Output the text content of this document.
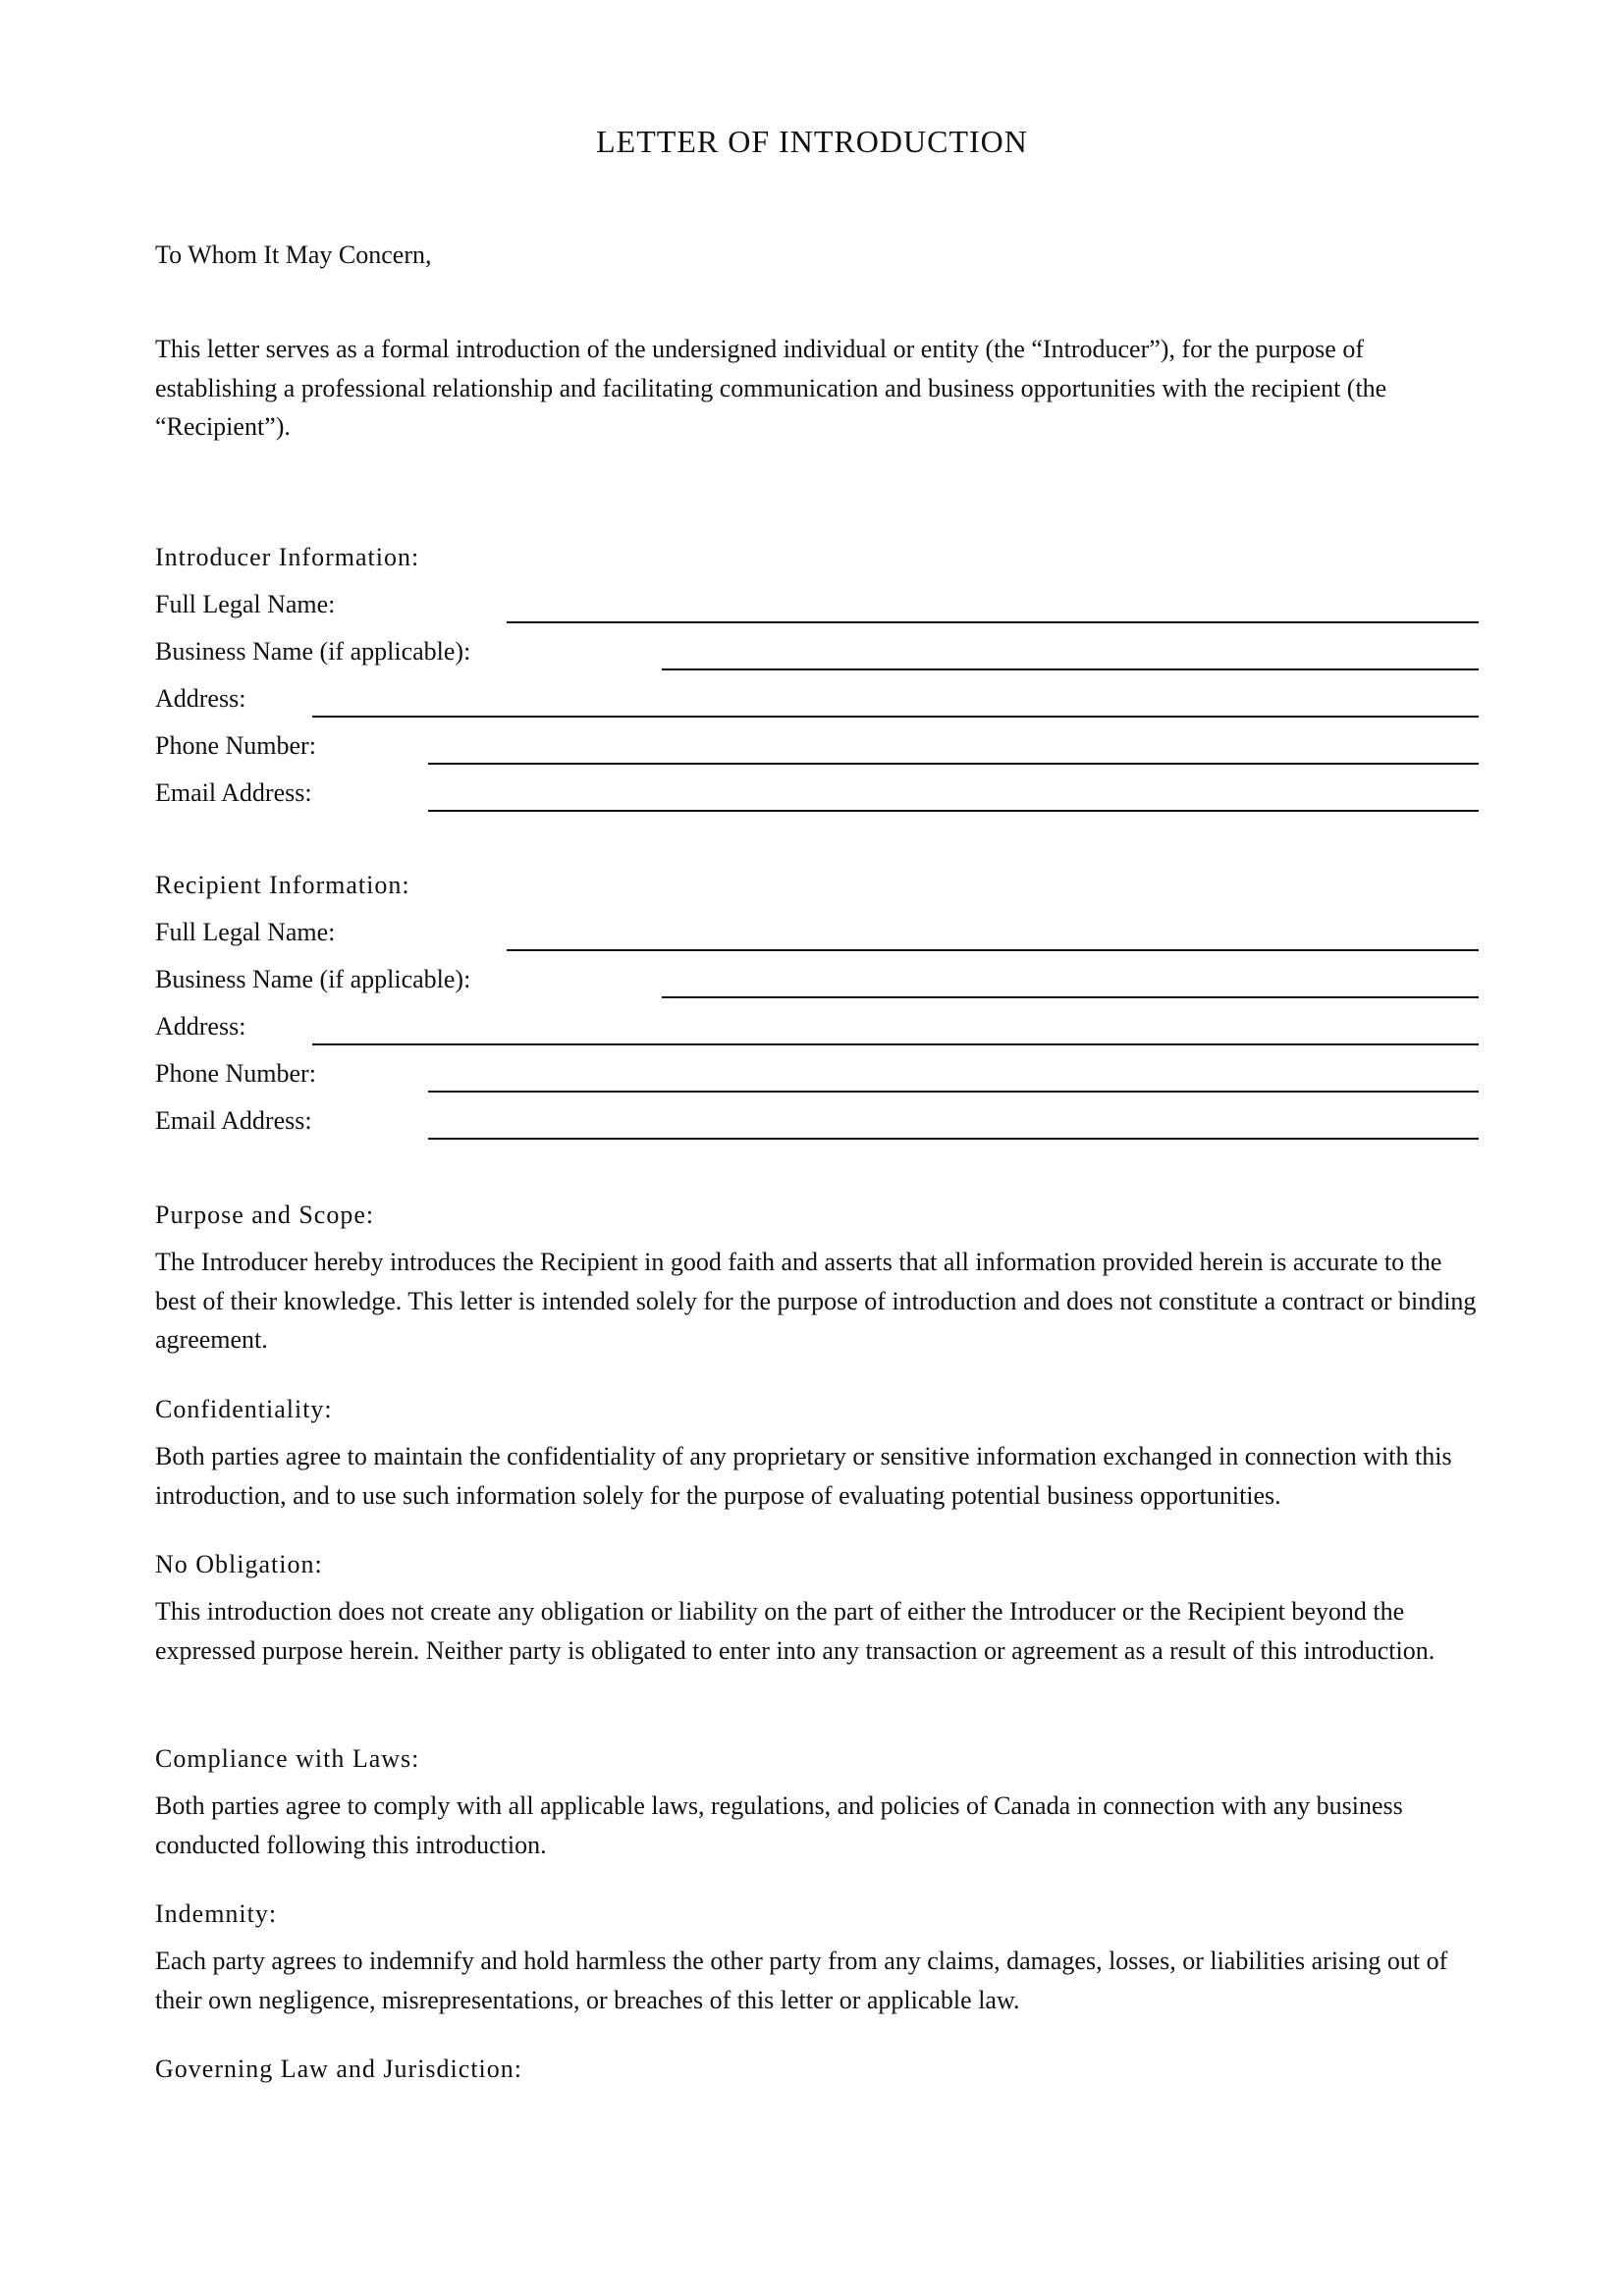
LETTER OF INTRODUCTION
To Whom It May Concern,
This letter serves as a formal introduction of the undersigned individual or entity (the “Introducer”), for the purpose of establishing a professional relationship and facilitating communication and business opportunities with the recipient (the “Recipient”).
Introducer Information:
Full Legal Name:
Business Name (if applicable):
Address:
Phone Number:
Email Address:
Recipient Information:
Full Legal Name:
Business Name (if applicable):
Address:
Phone Number:
Email Address:
Purpose and Scope:
The Introducer hereby introduces the Recipient in good faith and asserts that all information provided herein is accurate to the best of their knowledge. This letter is intended solely for the purpose of introduction and does not constitute a contract or binding agreement.
Confidentiality:
Both parties agree to maintain the confidentiality of any proprietary or sensitive information exchanged in connection with this introduction, and to use such information solely for the purpose of evaluating potential business opportunities.
No Obligation:
This introduction does not create any obligation or liability on the part of either the Introducer or the Recipient beyond the expressed purpose herein. Neither party is obligated to enter into any transaction or agreement as a result of this introduction.
Compliance with Laws:
Both parties agree to comply with all applicable laws, regulations, and policies of Canada in connection with any business conducted following this introduction.
Indemnity:
Each party agrees to indemnify and hold harmless the other party from any claims, damages, losses, or liabilities arising out of their own negligence, misrepresentations, or breaches of this letter or applicable law.
Governing Law and Jurisdiction:
